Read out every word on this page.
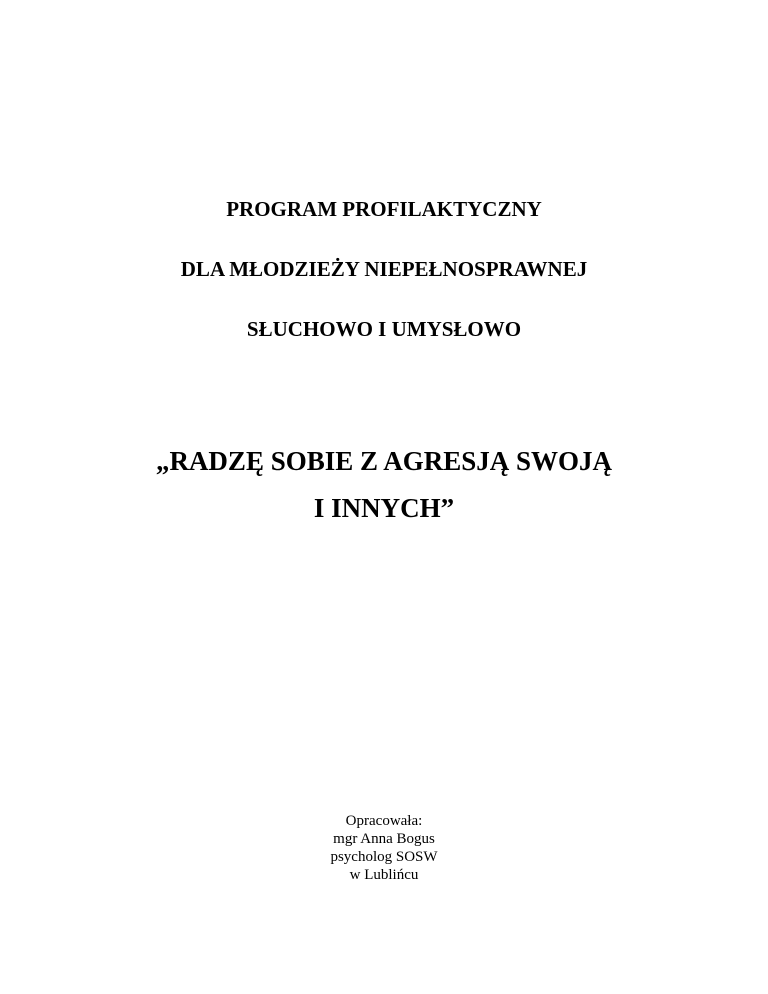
PROGRAM PROFILAKTYCZNY
DLA MŁODZIEŻY NIEPEŁNOSPRAWNEJ
SŁUCHOWO I UMYSŁOWO
„RADZĘ SOBIE Z AGRESJĄ SWOJĄ
I INNYCH”
Opracowała:
mgr Anna Bogus
psycholog SOSW
w Lublińcu
